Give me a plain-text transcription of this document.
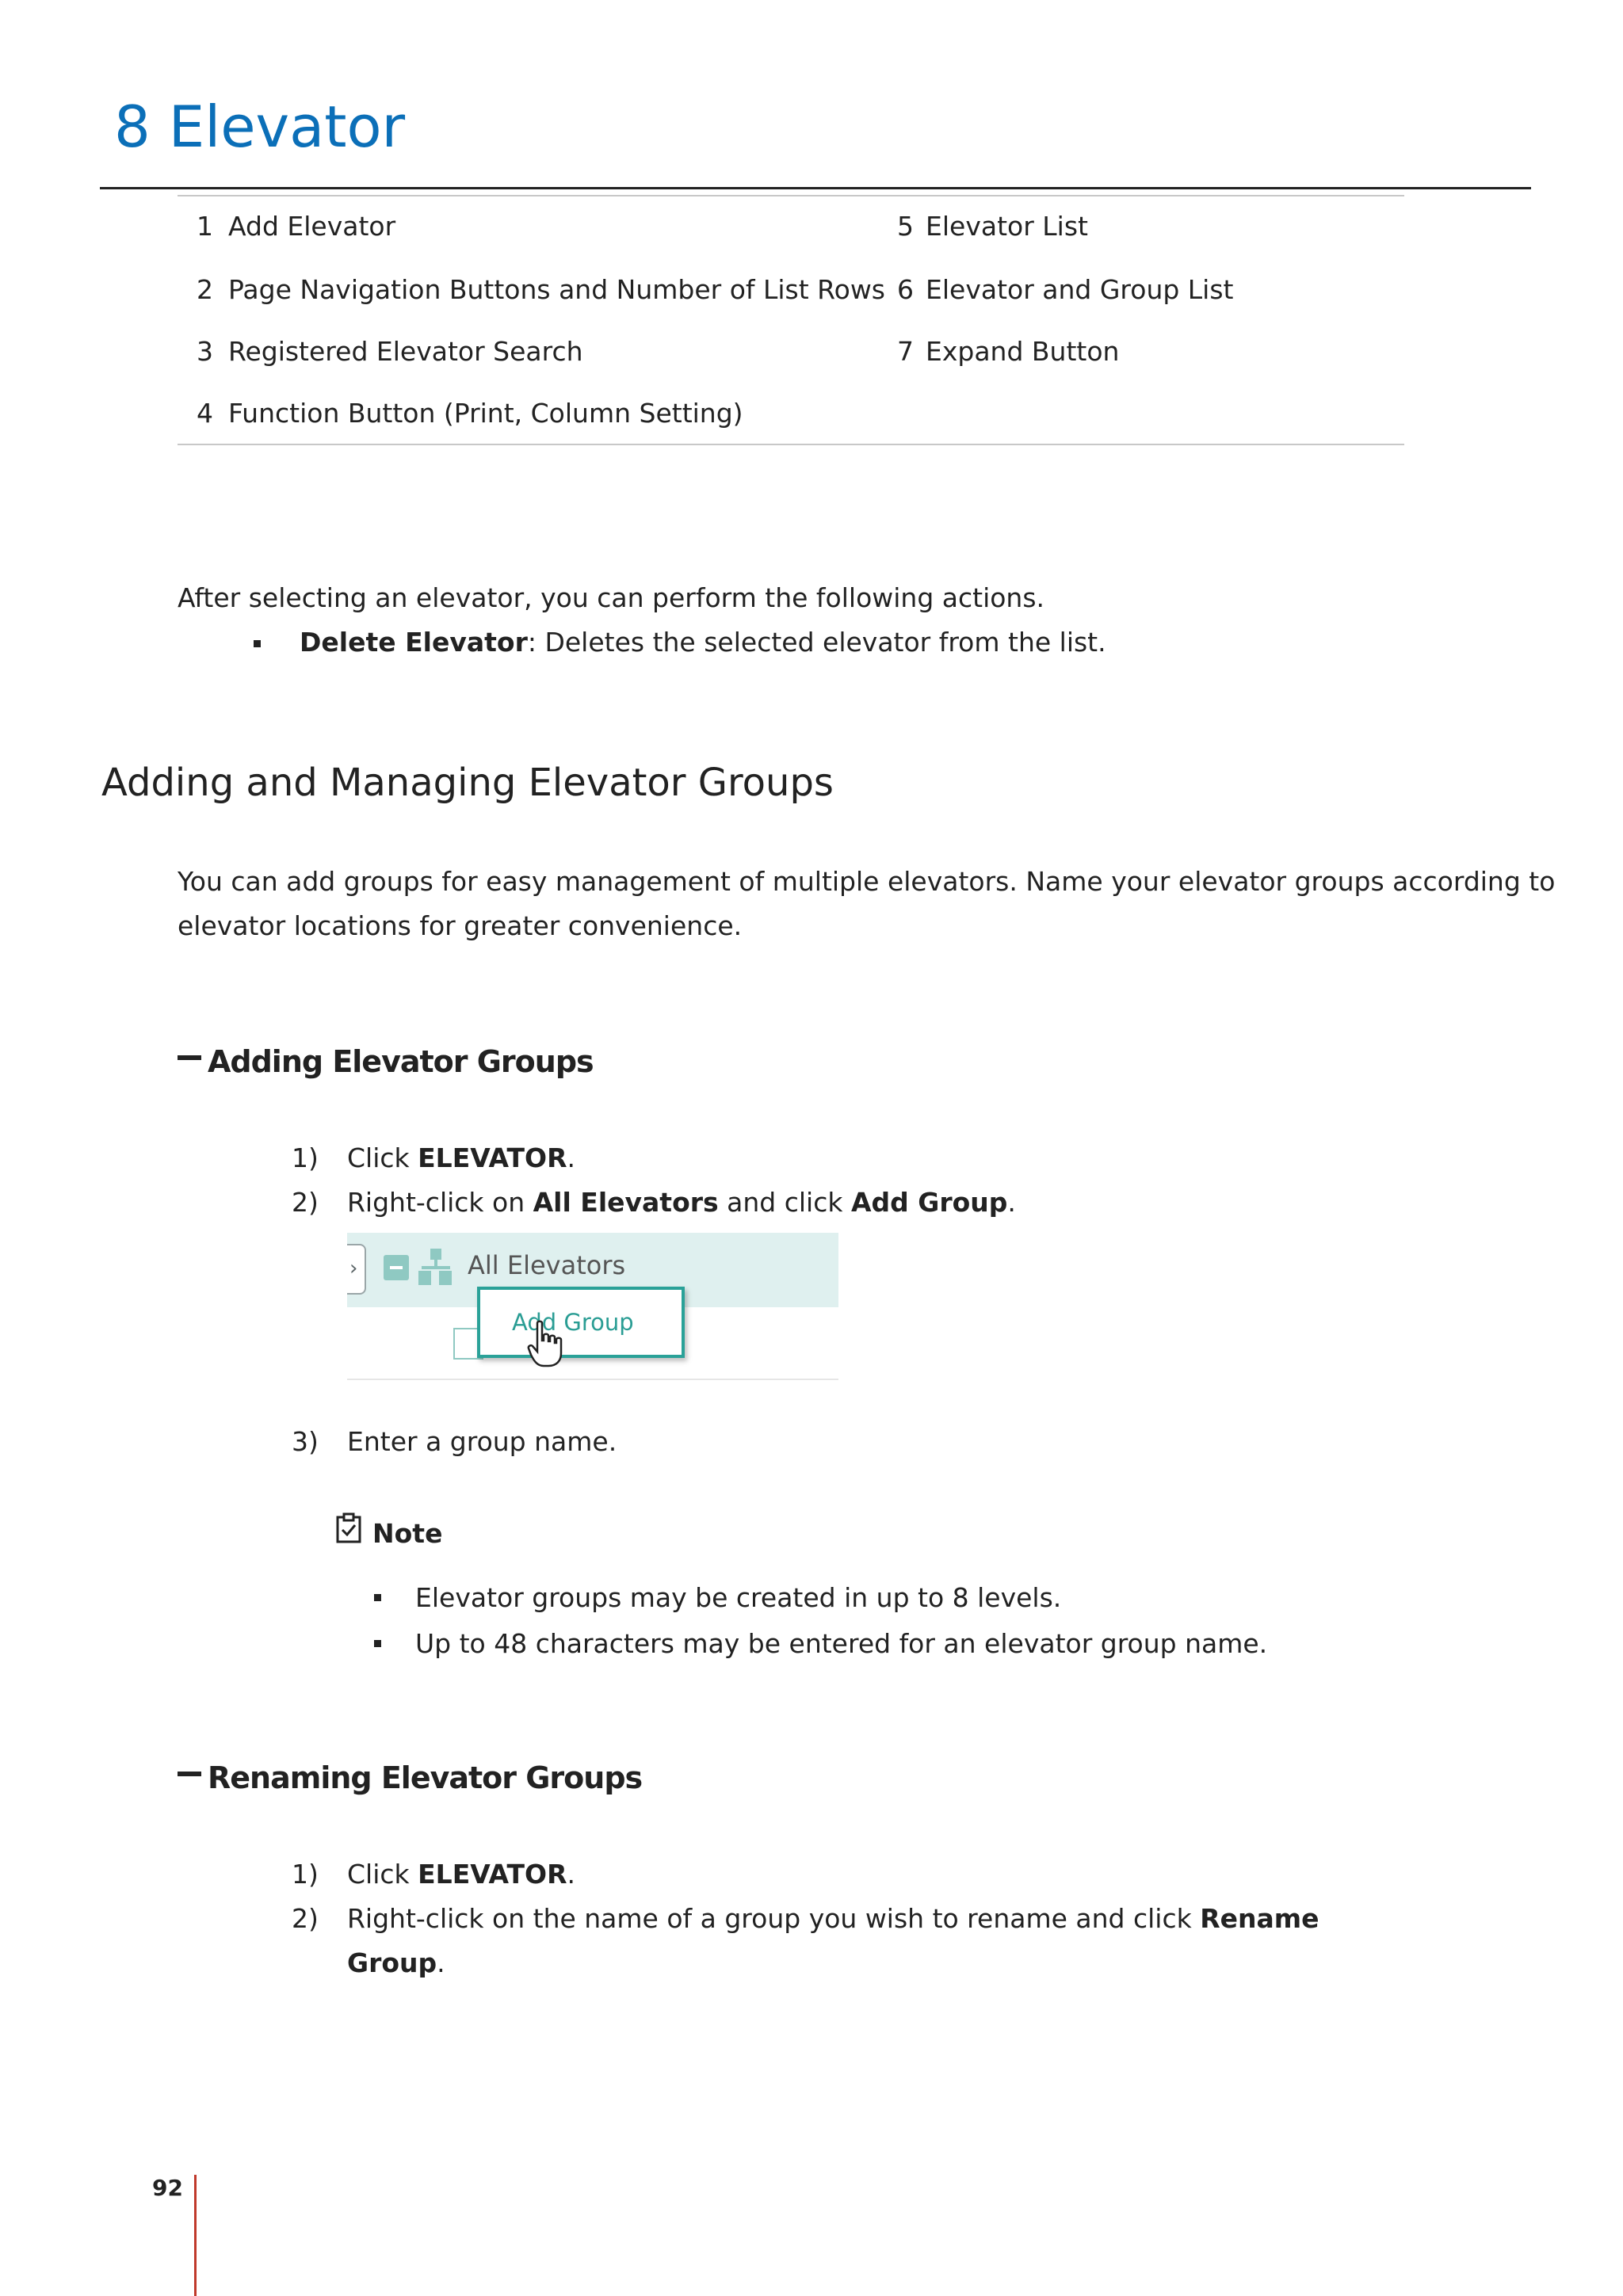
8 Elevator
1 Add Elevator
2 Page Navigation Buttons and Number of List Rows
3 Registered Elevator Search
4 Function Button (Print, Column Setting)
5 Elevator List
6 Elevator and Group List
7 Expand Button

After selecting an elevator, you can perform the following actions.

Delete Elevator: Deletes the selected elevator from the list.

Adding and Managing Elevator Groups

You can add groups for easy management of multiple elevators. Name your elevator groups according to

elevator locations for greater convenience.

Adding Elevator Groups
1) Click ELEVATOR.
2) Right-click on All Elevators and click Add Group.
›	All Elevators
Add Group
3) Enter a group name.
Note

Elevator groups may be created in up to 8 levels.

Up to 48 characters may be entered for an elevator group name.

Renaming Elevator Groups
1) Click ELEVATOR.
2) Right-click on the name of a group you wish to rename and click Rename
Group.
92
